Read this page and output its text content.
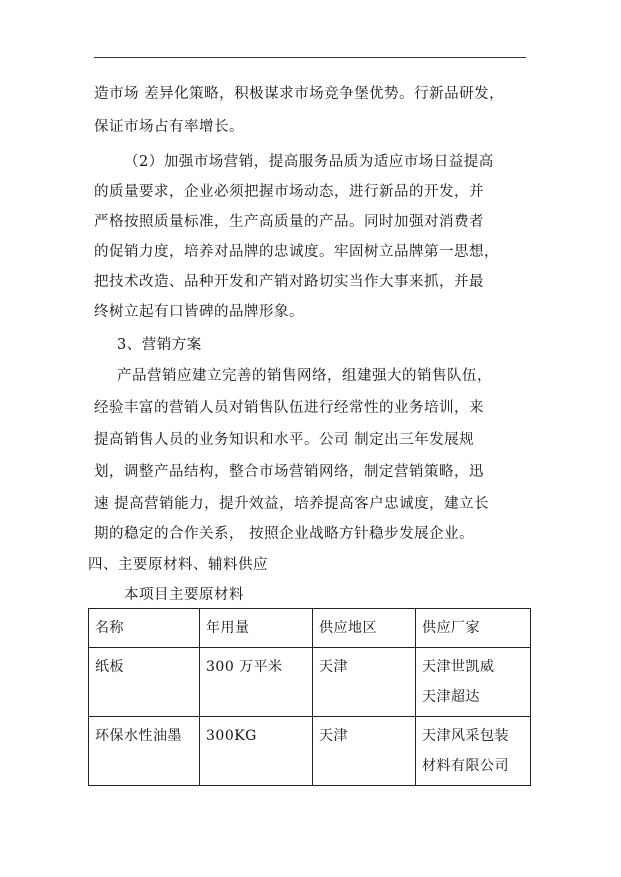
造市场 差异化策略，积极谋求市场竞争堡优势。行新品研发，
保证市场占有率增长。
（2）加强市场营销，提高服务品质为适应市场日益提高
的质量要求，企业必须把握市场动态，进行新品的开发，并
严格按照质量标准，生产高质量的产品。同时加强对消费者
的促销力度，培养对品牌的忠诚度。牢固树立品牌第一思想，
把技术改造、品种开发和产销对路切实当作大事来抓，并最
终树立起有口皆碑的品牌形象。
3、营销方案
产品营销应建立完善的销售网络，组建强大的销售队伍，
经验丰富的营销人员对销售队伍进行经常性的业务培训，来
提高销售人员的业务知识和水平。公司 制定出三年发展规
划，调整产品结构，整合市场营销网络，制定营销策略，迅
速 提高营销能力，提升效益，培养提高客户忠诚度，建立长
期的稳定的合作关系， 按照企业战略方针稳步发展企业。
四、主要原材料、辅料供应
本项目主要原材料
名称	年用量	供应地区	供应厂家
纸板	300 万平米	天津	天津世凯威
天津超达

环保水性油墨	300KG	天津	天津风采包装
材料有限公司
